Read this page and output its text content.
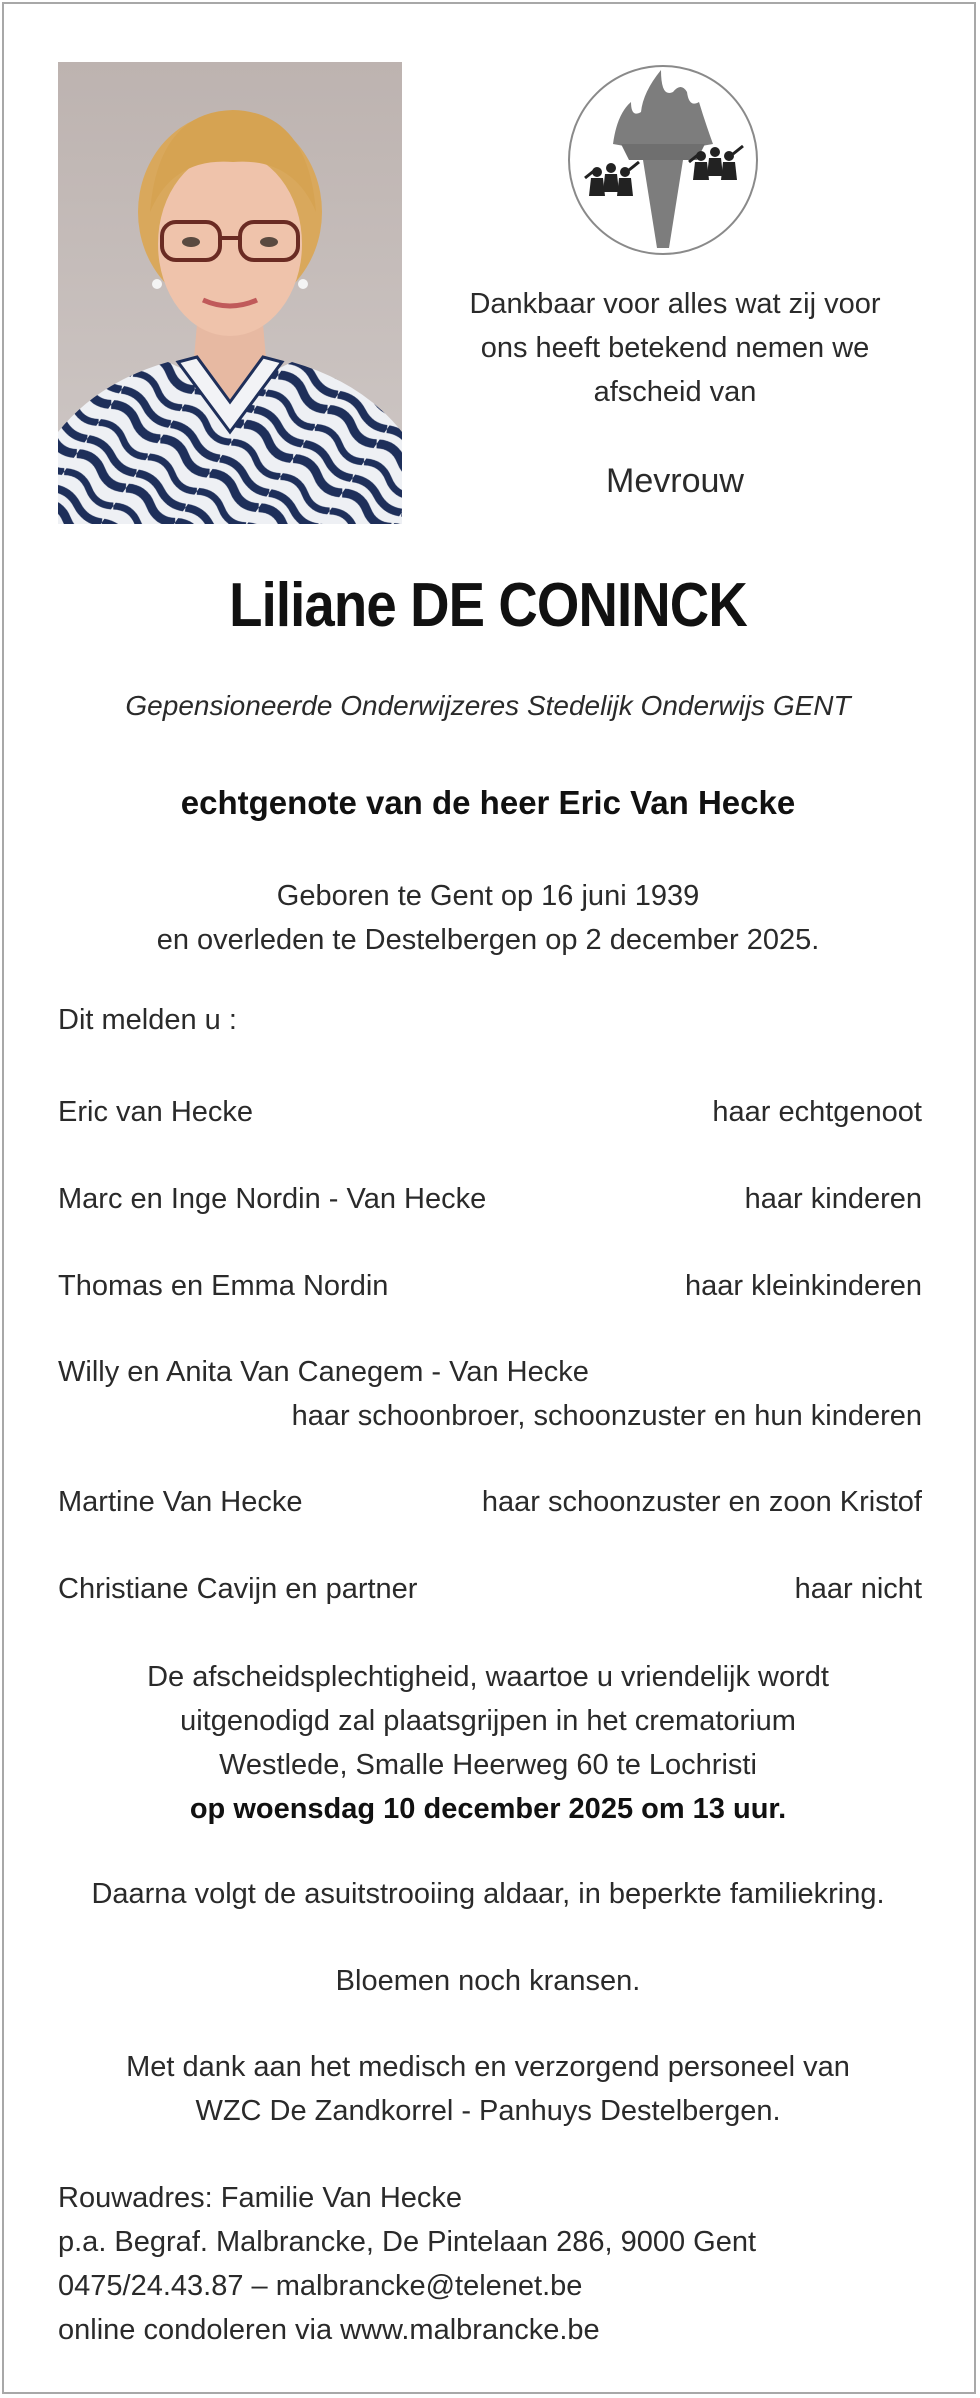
Dankbaar voor alles wat zij voor
ons heeft betekend nemen we
afscheid van
Mevrouw
Liliane DE CONINCK
Gepensioneerde Onderwijzeres Stedelijk Onderwijs GENT
echtgenote van de heer Eric Van Hecke
Geboren te Gent op 16 juni 1939
en overleden te Destelbergen op 2 december 2025.
Dit melden u :
Eric van Hecke	haar echtgenoot
Marc en Inge Nordin - Van Hecke	haar kinderen
Thomas en Emma Nordin	haar kleinkinderen
Willy en Anita Van Canegem - Van Hecke
haar schoonbroer, schoonzuster en hun kinderen
Martine Van Hecke	haar schoonzuster en zoon Kristof
Christiane Cavijn en partner	haar nicht
De afscheidsplechtigheid, waartoe u vriendelijk wordt
uitgenodigd zal plaatsgrijpen in het crematorium
Westlede, Smalle Heerweg 60 te Lochristi
op woensdag 10 december 2025 om 13 uur.
Daarna volgt de asuitstrooiing aldaar, in beperkte familiekring.
Bloemen noch kransen.
Met dank aan het medisch en verzorgend personeel van
WZC De Zandkorrel - Panhuys Destelbergen.
Rouwadres: Familie Van Hecke
p.a. Begraf. Malbrancke, De Pintelaan 286, 9000 Gent
0475/24.43.87 – malbrancke@telenet.be
online condoleren via www.malbrancke.be
